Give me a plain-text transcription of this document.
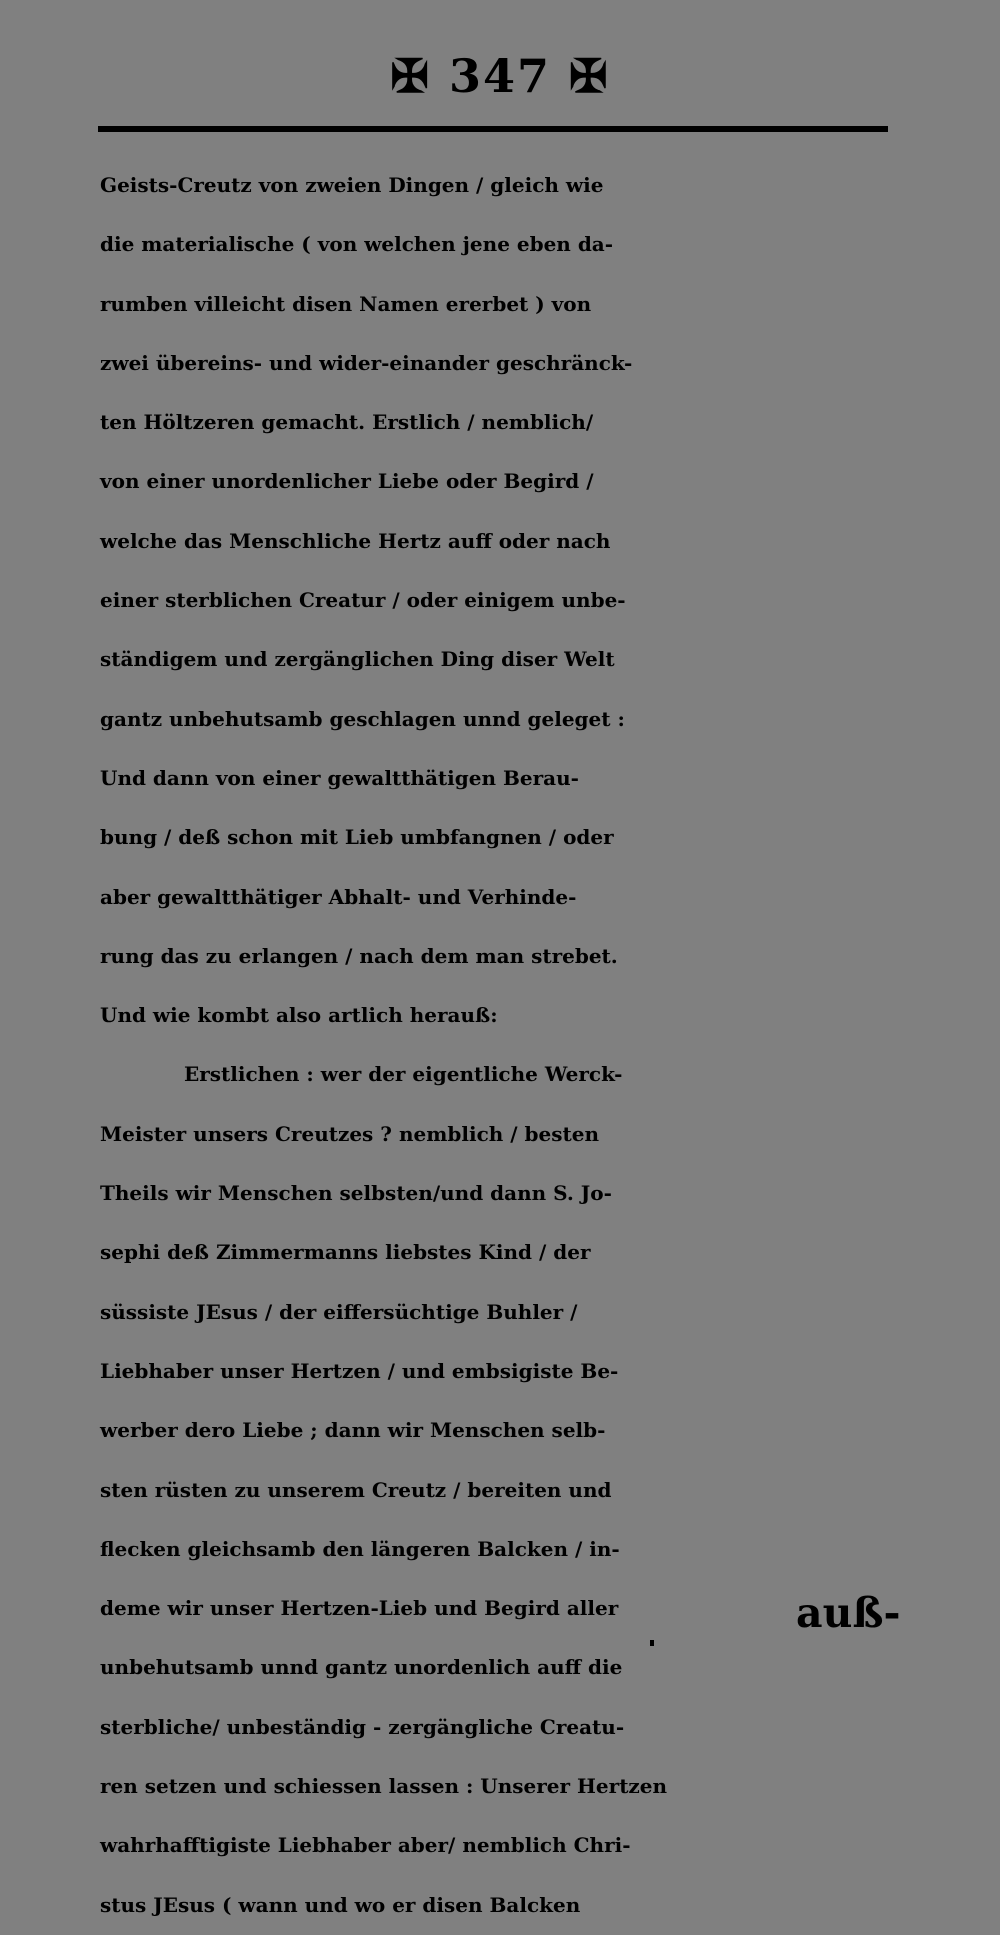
✠ 347 ✠
Geists-Creutz von zweien Dingen / gleich wie
die materialische ( von welchen jene eben da-
rumben villeicht disen Namen ererbet ) von
zwei übereins- und wider-einander geschränck-
ten Höltzeren gemacht. Erstlich / nemblich/
von einer unordenlicher Liebe oder Begird /
welche das Menschliche Hertz auff oder nach
einer sterblichen Creatur / oder einigem unbe-
ständigem und zergänglichen Ding diser Welt
gantz unbehutsamb geschlagen unnd geleget :
Und dann von einer gewaltthätigen Berau-
bung / deß schon mit Lieb umbfangnen / oder
aber gewaltthätiger Abhalt- und Verhinde-
rung das zu erlangen / nach dem man strebet.
Und wie kombt also artlich herauß:
Erstlichen : wer der eigentliche Werck-
Meister unsers Creutzes ? nemblich / besten
Theils wir Menschen selbsten/und dann S. Jo-
sephi deß Zimmermanns liebstes Kind / der
süssiste JEsus / der eiffersüchtige Buhler /
Liebhaber unser Hertzen / und embsigiste Be-
werber dero Liebe ; dann wir Menschen selb-
sten rüsten zu unserem Creutz / bereiten und
flecken gleichsamb den längeren Balcken / in-
deme wir unser Hertzen-Lieb und Begird aller
unbehutsamb unnd gantz unordenlich auff die
sterbliche/ unbeständig - zergängliche Creatu-
ren setzen und schiessen lassen : Unserer Hertzen
wahrhafftigiste Liebhaber aber/ nemblich Chri-
stus JEsus ( wann und wo er disen Balcken
auß-
